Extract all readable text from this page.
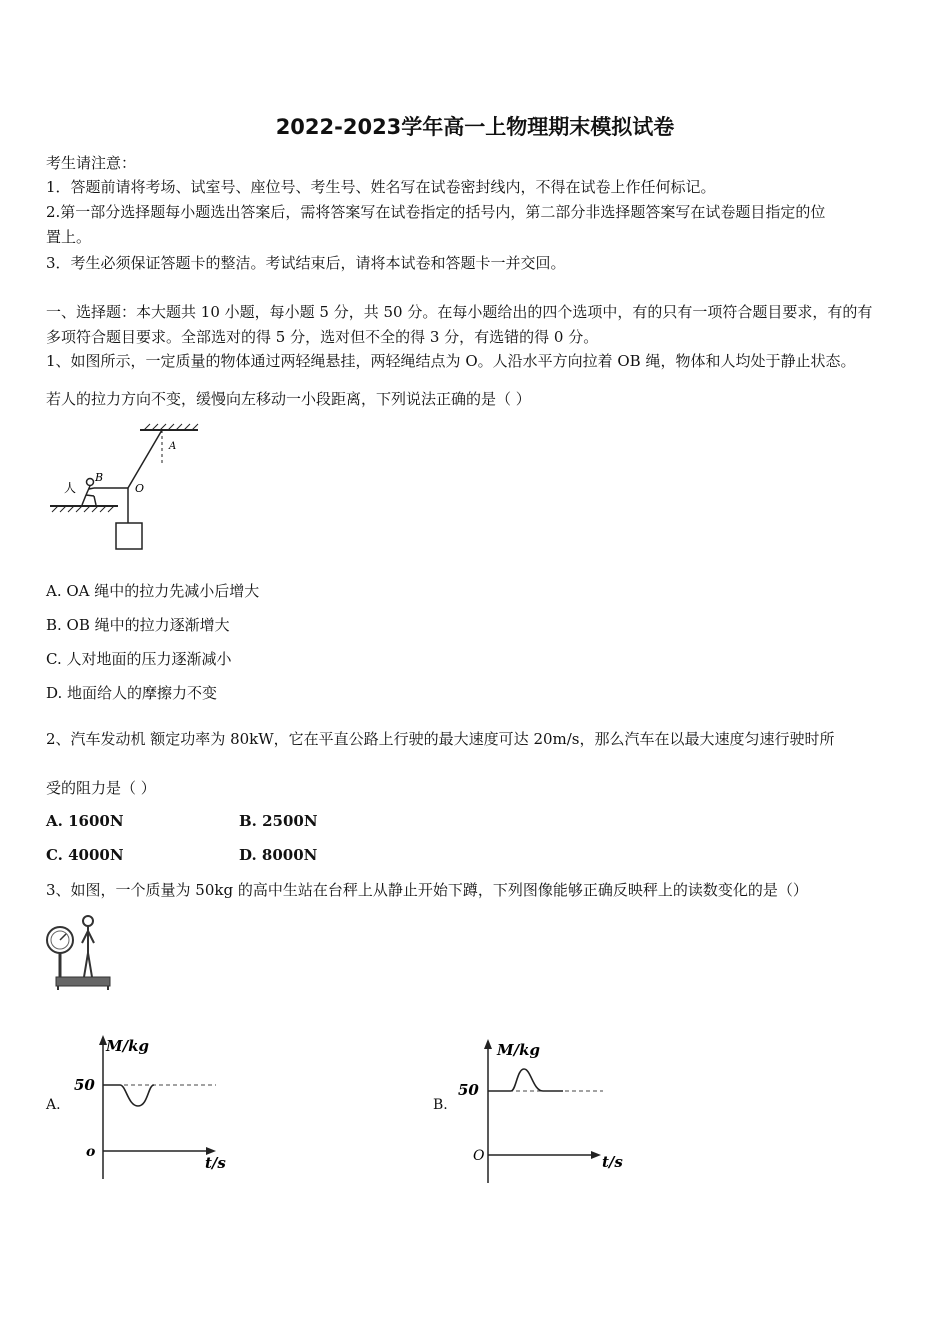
2022-2023学年高一上物理期末模拟试卷

考生请注意：

1．答题前请将考场、试室号、座位号、考生号、姓名写在试卷密封线内，不得在试卷上作任何标记。

2.第一部分选择题每小题选出答案后，需将答案写在试卷指定的括号内，第二部分非选择题答案写在试卷题目指定的位

置上。

3．考生必须保证答题卡的整洁。考试结束后，请将本试卷和答题卡一并交回。

一、选择题：本大题共 10 小题，每小题 5 分，共 50 分。在每小题给出的四个选项中，有的只有一项符合题目要求，有的有

多项符合题目要求。全部选对的得 5 分，选对但不全的得 3 分，有选错的得 0 分。

1、如图所示，一定质量的物体通过两轻绳悬挂，两轻绳结点为 O。人沿水平方向拉着 OB 绳，物体和人均处于静止状态。

若人的拉力方向不变，缓慢向左移动一小段距离，下列说法正确的是（ ）

人
B
O
A

A. OA 绳中的拉力先减小后增大

B. OB 绳中的拉力逐渐增大

C. 人对地面的压力逐渐减小

D. 地面给人的摩擦力不变

2、汽车发动机 额定功率为 80kW，它在平直公路上行驶的最大速度可达 20m/s，那么汽车在以最大速度匀速行驶时所

受的阻力是（ ）

A. 1600N	B. 2500N

C. 4000N	D. 8000N

3、如图，一个质量为 50kg 的高中生站在台秤上从静止开始下蹲，下列图像能够正确反映秤上的读数变化的是（）

A.

M/kg
50
o
t/s

B.

M/kg
50
O	t/s
